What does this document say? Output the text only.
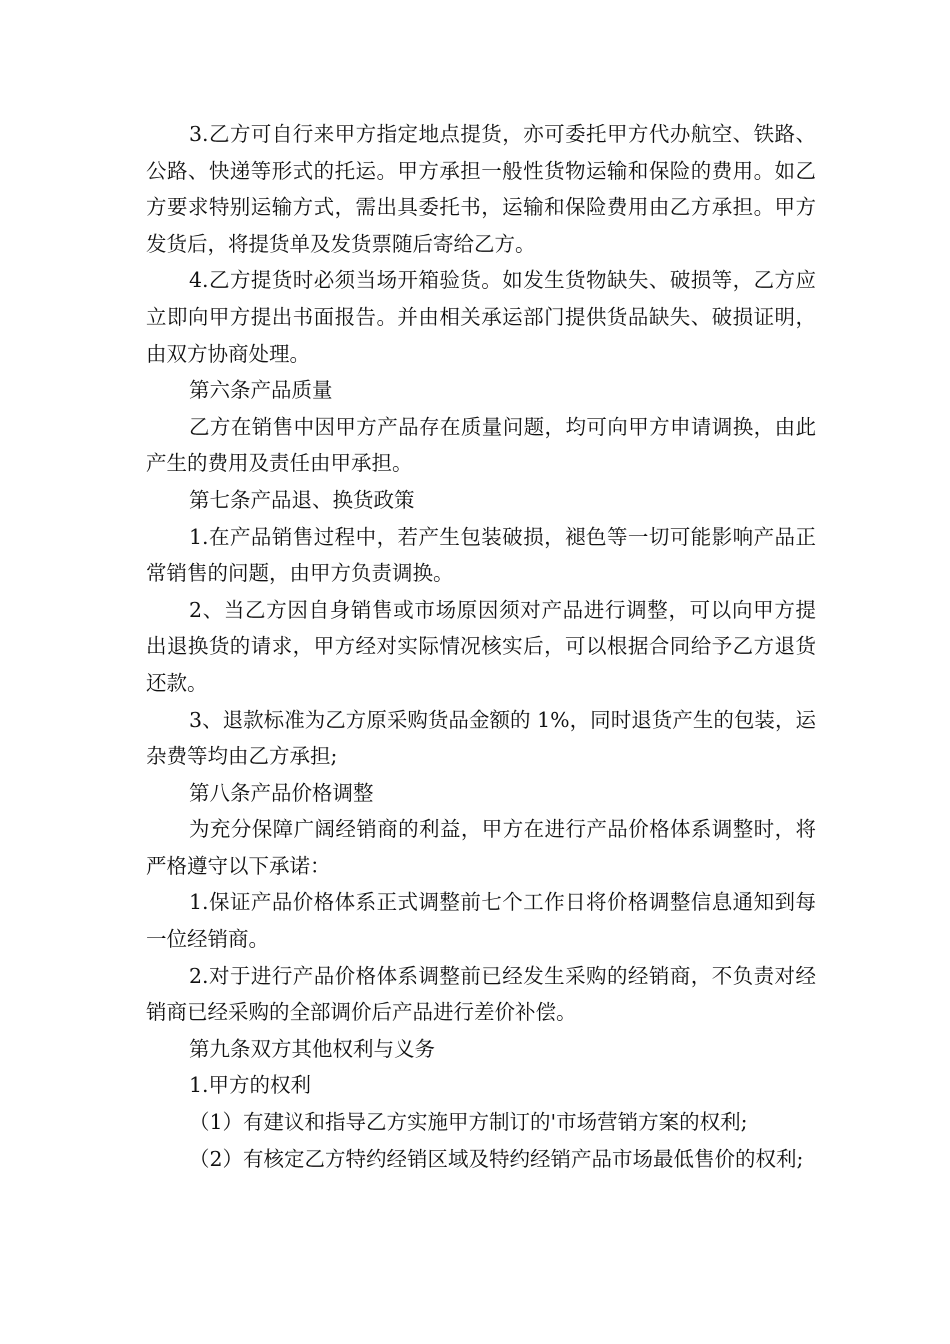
3.乙方可自行来甲方指定地点提货，亦可委托甲方代办航空、铁路、公路、快递等形式的托运。甲方承担一般性货物运输和保险的费用。如乙方要求特别运输方式，需出具委托书，运输和保险费用由乙方承担。甲方发货后，将提货单及发货票随后寄给乙方。

4.乙方提货时必须当场开箱验货。如发生货物缺失、破损等，乙方应立即向甲方提出书面报告。并由相关承运部门提供货品缺失、破损证明，由双方协商处理。

第六条产品质量

乙方在销售中因甲方产品存在质量问题，均可向甲方申请调换，由此产生的费用及责任由甲承担。

第七条产品退、换货政策

1.在产品销售过程中，若产生包装破损，褪色等一切可能影响产品正常销售的问题，由甲方负责调换。

2、当乙方因自身销售或市场原因须对产品进行调整，可以向甲方提出退换货的请求，甲方经对实际情况核实后，可以根据合同给予乙方退货还款。

3、退款标准为乙方原采购货品金额的 1%，同时退货产生的包装，运杂费等均由乙方承担;

第八条产品价格调整

为充分保障广阔经销商的利益，甲方在进行产品价格体系调整时，将严格遵守以下承诺：

1.保证产品价格体系正式调整前七个工作日将价格调整信息通知到每一位经销商。

2.对于进行产品价格体系调整前已经发生采购的经销商，不负责对经销商已经采购的全部调价后产品进行差价补偿。

第九条双方其他权利与义务

1.甲方的权利

（1）有建议和指导乙方实施甲方制订的'市场营销方案的权利;

（2）有核定乙方特约经销区域及特约经销产品市场最低售价的权利;
